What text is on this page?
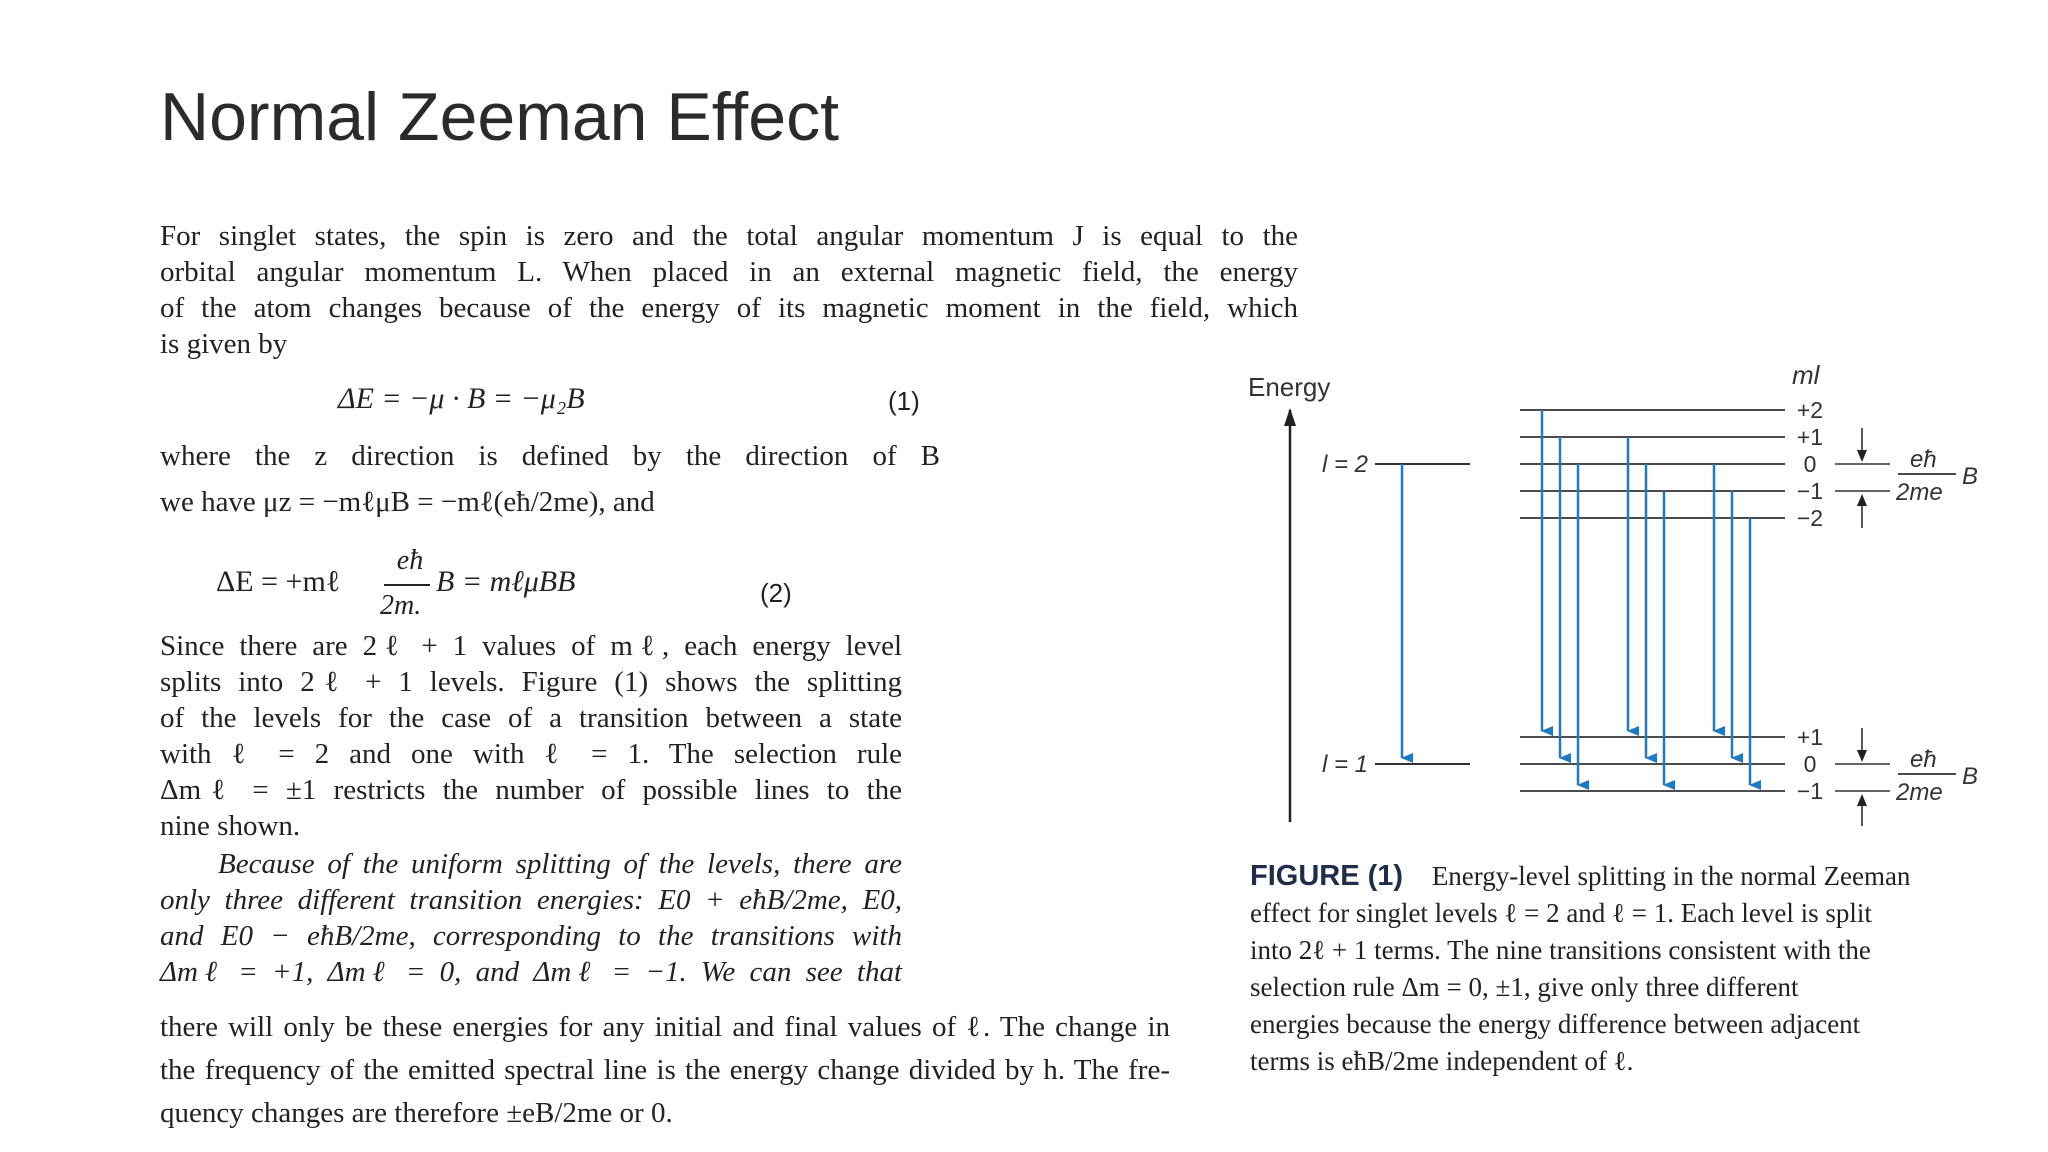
Normal Zeeman Effect
For singlet states, the spin is zero and the total angular momentum J is equal to the
orbital angular momentum L. When placed in an external magnetic field, the energy
of the atom changes because of the energy of its magnetic moment in the field, which
is given by
ΔE = −μ · B = −μ₂B	(1)
where the z direction is defined by the direction of B
we have μz = −mℓμB = −mℓ(eħ/2me), and
ΔE = +mℓ
eħ
2m.
B = mℓμBB	(2)
Since there are 2ℓ + 1 values of mℓ, each energy level
splits into 2ℓ + 1 levels. Figure (1) shows the splitting
of the levels for the case of a transition between a state
with ℓ = 2 and one with ℓ = 1. The selection rule
Δmℓ = ±1 restricts the number of possible lines to the
nine shown.
Because of the uniform splitting of the levels, there are
only three different transition energies: E0 + eħB/2me, E0,
and E0 − eħB/2me, corresponding to the transitions with
Δmℓ = +1, Δmℓ = 0, and Δmℓ = −1. We can see that
there will only be these energies for any initial and final values of ℓ. The change in
the frequency of the emitted spectral line is the energy change divided by h. The fre-
quency changes are therefore ±eB/2me or 0.
Energy
l = 2
l = 1
ml
+2
+1
0
−1
−2
+1
0
−1
eħ
2me
B
eħ
2me
B
FIGURE (1) Energy-level splitting in the normal Zeeman
effect for singlet levels ℓ = 2 and ℓ = 1. Each level is split
into 2ℓ + 1 terms. The nine transitions consistent with the
selection rule Δm = 0, ±1, give only three different
energies because the energy difference between adjacent
terms is eħB/2me independent of ℓ.
